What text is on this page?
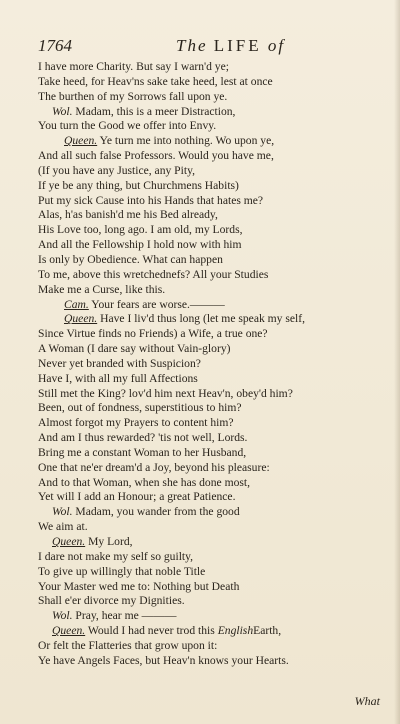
1764	The LIFE of
I have more Charity. But say I warn'd ye;
Take heed, for Heav'ns sake take heed, lest at once
The burthen of my Sorrows fall upon ye.
Wol. Madam, this is a meer Distraction,
You turn the Good we offer into Envy.
Queen. Ye turn me into nothing. Wo upon ye,
And all such false Professors. Would you have me,
(If you have any Justice, any Pity,
If ye be any thing, but Churchmens Habits)
Put my sick Cause into his Hands that hates me?
Alas, h'as banish'd me his Bed already,
His Love too, long ago. I am old, my Lords,
And all the Fellowship I hold now with him
Is only by Obedience. What can happen
To me, above this wretchednefs? All your Studies
Make me a Curse, like this.
Cam. Your fears are worse.———
Queen. Have I liv'd thus long (let me speak my self,
Since Virtue finds no Friends) a Wife, a true one?
A Woman (I dare say without Vain-glory)
Never yet branded with Suspicion?
Have I, with all my full Affections
Still met the King? lov'd him next Heav'n, obey'd him?
Been, out of fondness, superstitious to him?
Almost forgot my Prayers to content him?
And am I thus rewarded? 'tis not well, Lords.
Bring me a constant Woman to her Husband,
One that ne'er dream'd a Joy, beyond his pleasure:
And to that Woman, when she has done most,
Yet will I add an Honour; a great Patience.
Wol. Madam, you wander from the good
We aim at.
Queen. My Lord,
I dare not make my self so guilty,
To give up willingly that noble Title
Your Master wed me to: Nothing but Death
Shall e'er divorce my Dignities.
Wol. Pray, hear me ———
Queen. Would I had never trod this EnglishEarth,
Or felt the Flatteries that grow upon it:
Ye have Angels Faces, but Heav'n knows your Hearts.
What
